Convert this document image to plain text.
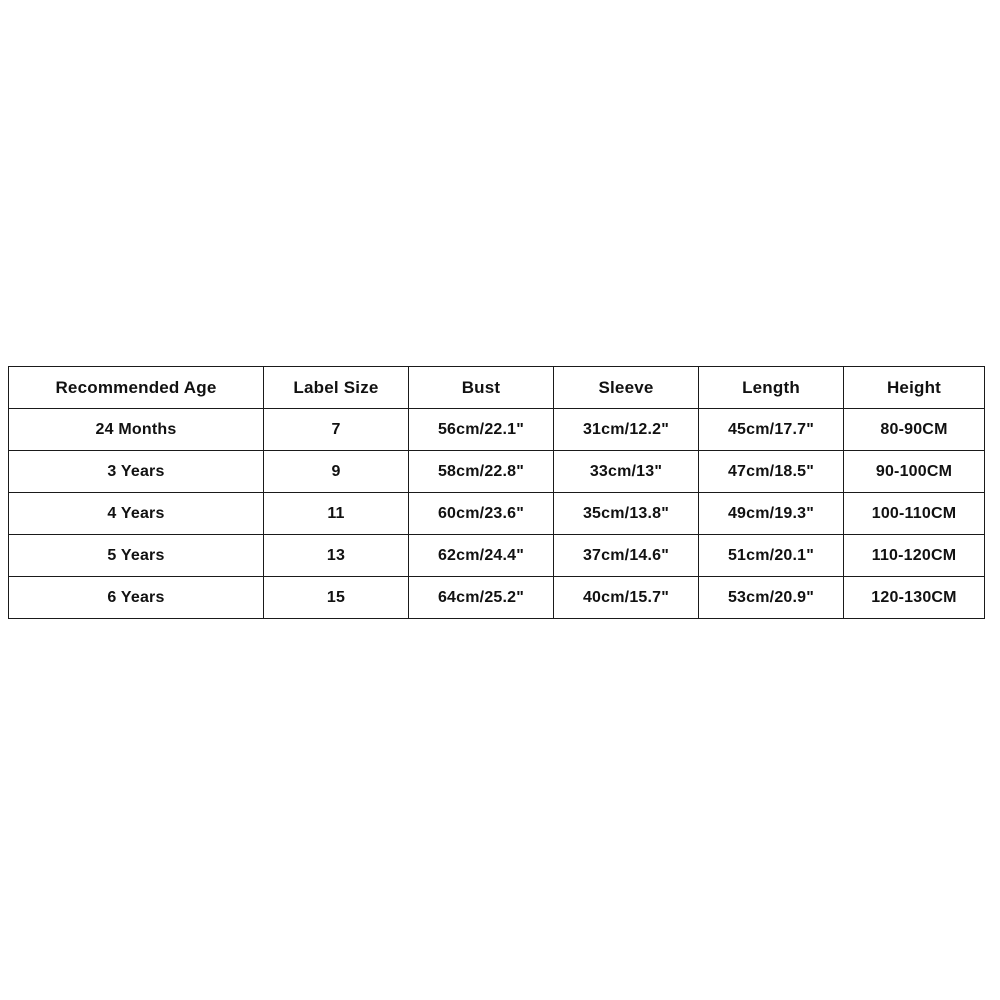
Recommended Age	Label Size	Bust	Sleeve	Length	Height
24 Months	7	56cm/22.1"	31cm/12.2"	45cm/17.7"	80-90CM
3 Years	9	58cm/22.8"	33cm/13"	47cm/18.5"	90-100CM
4 Years	11	60cm/23.6"	35cm/13.8"	49cm/19.3"	100-110CM
5 Years	13	62cm/24.4"	37cm/14.6"	51cm/20.1"	110-120CM
6 Years	15	64cm/25.2"	40cm/15.7"	53cm/20.9"	120-130CM
